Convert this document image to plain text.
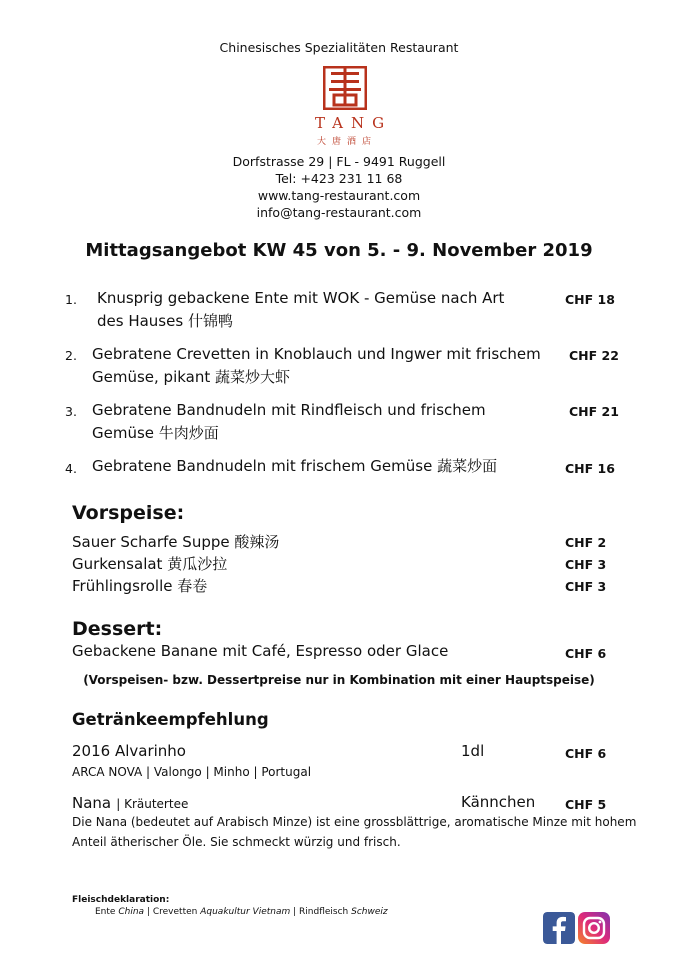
Chinesisches Spezialitäten Restaurant
TANG
大唐酒店
Dorfstrasse 29 | FL - 9491 Ruggell
Tel: +423 231 11 68
www.tang-restaurant.com
info@tang-restaurant.com
Mittagsangebot KW 45 von 5. - 9. November 2019
1. Knusprig gebackene Ente mit WOK - Gemüse nach Art
des Hauses 什锦鸭
CHF 18
2. Gebratene Crevetten in Knoblauch und Ingwer mit frischem
Gemüse, pikant 蔬菜炒大虾
CHF 22
3. Gebratene Bandnudeln mit Rindfleisch und frischem
Gemüse 牛肉炒面
CHF 21
4. Gebratene Bandnudeln mit frischem Gemüse 蔬菜炒面	CHF 16
Vorspeise:
Sauer Scharfe Suppe 酸辣汤	CHF 2
Gurkensalat 黄瓜沙拉	CHF 3
Frühlingsrolle 春卷	CHF 3
Dessert:
Gebackene Banane mit Café, Espresso oder Glace	CHF 6
(Vorspeisen- bzw. Dessertpreise nur in Kombination mit einer Hauptspeise)
Getränkeempfehlung
2016 Alvarinho	1dl	CHF 6
ARCA NOVA | Valongo | Minho | Portugal
Nana | Kräutertee	Kännchen CHF 5
Die Nana (bedeutet auf Arabisch Minze) ist eine grossblättrige, aromatische Minze mit hohem
Anteil ätherischer Öle. Sie schmeckt würzig und frisch.
Fleischdeklaration:
Ente China | Crevetten Aquakultur Vietnam | Rindfleisch Schweiz
